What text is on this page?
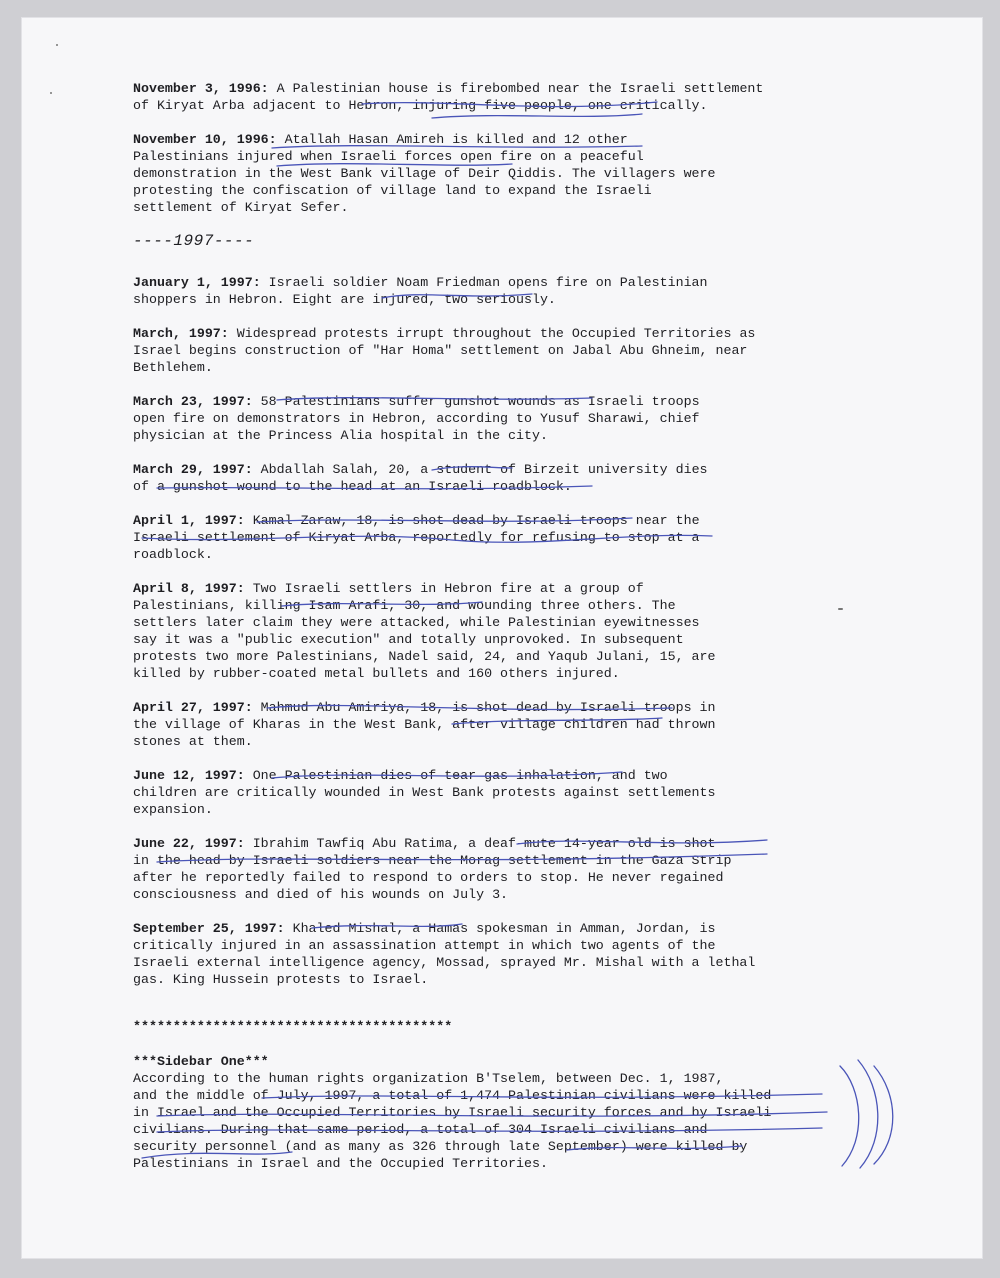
November 3, 1996: A Palestinian house is firebombed near the Israeli settlement
of Kiryat Arba adjacent to Hebron, injuring five people, one critically.
November 10, 1996: Atallah Hasan Amireh is killed and 12 other
Palestinians injured when Israeli forces open fire on a peaceful
demonstration in the West Bank village of Deir Qiddis. The villagers were
protesting the confiscation of village land to expand the Israeli
settlement of Kiryat Sefer.
----1997----
January 1, 1997: Israeli soldier Noam Friedman opens fire on Palestinian
shoppers in Hebron. Eight are injured, two seriously.
March, 1997: Widespread protests irrupt throughout the Occupied Territories as
Israel begins construction of "Har Homa" settlement on Jabal Abu Ghneim, near
Bethlehem.
March 23, 1997: 58 Palestinians suffer gunshot wounds as Israeli troops
open fire on demonstrators in Hebron, according to Yusuf Sharawi, chief
physician at the Princess Alia hospital in the city.
March 29, 1997: Abdallah Salah, 20, a student of Birzeit university dies
of a gunshot wound to the head at an Israeli roadblock.
April 1, 1997: Kamal Zaraw, 18, is shot dead by Israeli troops near the
Israeli settlement of Kiryat Arba, reportedly for refusing to stop at a
roadblock.
April 8, 1997: Two Israeli settlers in Hebron fire at a group of
Palestinians, killing Isam Arafi, 30, and wounding three others. The
settlers later claim they were attacked, while Palestinian eyewitnesses
say it was a "public execution" and totally unprovoked. In subsequent
protests two more Palestinians, Nadel said, 24, and Yaqub Julani, 15, are
killed by rubber-coated metal bullets and 160 others injured.
April 27, 1997: Mahmud Abu Amiriya, 18, is shot dead by Israeli troops in
the village of Kharas in the West Bank, after village children had thrown
stones at them.
June 12, 1997: One Palestinian dies of tear gas inhalation, and two
children are critically wounded in West Bank protests against settlements
expansion.
June 22, 1997: Ibrahim Tawfiq Abu Ratima, a deaf-mute 14-year old is shot
in the head by Israeli soldiers near the Morag settlement in the Gaza Strip
after he reportedly failed to respond to orders to stop. He never regained
consciousness and died of his wounds on July 3.
September 25, 1997: Khaled Mishal, a Hamas spokesman in Amman, Jordan, is
critically injured in an assassination attempt in which two agents of the
Israeli external intelligence agency, Mossad, sprayed Mr. Mishal with a lethal
gas. King Hussein protests to Israel.
****************************************
***Sidebar One***
According to the human rights organization B'Tselem, between Dec. 1, 1987,
and the middle of July, 1997, a total of 1,474 Palestinian civilians were killed
in Israel and the Occupied Territories by Israeli security forces and by Israeli
civilians. During that same period, a total of 304 Israeli civilians and
security personnel (and as many as 326 through late September) were killed by
Palestinians in Israel and the Occupied Territories.
